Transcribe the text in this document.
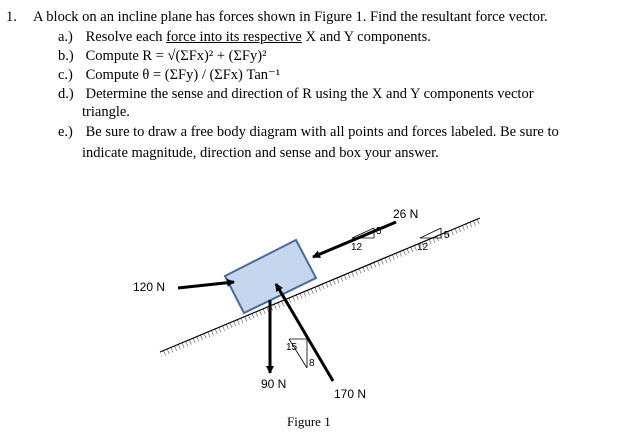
1. A block on an incline plane has forces shown in Figure 1. Find the resultant force vector.
a.) Resolve each force into its respective X and Y components.
b.) Compute R = √(ΣFx)² + (ΣFy)²
c.) Compute θ = (ΣFy) / (ΣFx) Tan⁻¹
d.) Determine the sense and direction of R using the X and Y components vector
triangle.
e.) Be sure to draw a free body diagram with all points and forces labeled. Be sure to
indicate magnitude, direction and sense and box your answer.
120 N
26 N
5
12
5
12
90 N
170 N
15
8
Figure 1
